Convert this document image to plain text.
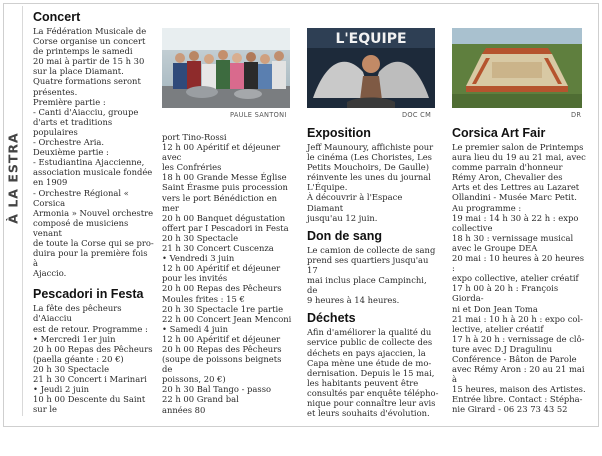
À LA ESTRA
Concert

La Fédération Musicale de

Corse organise un concert

de printemps le samedi

20 mai à partir de 15 h 30

sur la place Diamant.

Quatre formations seront

présentes.

Première partie :

- Canti d'Aiacciu, groupe

d'arts et traditions populaires

- Orchestre Aria.

Deuxième partie :

- Estudiantina Ajaccienne,

association musicale fondée

en 1909

- Orchestre Régional « Corsica

Armonia » Nouvel orchestre

composé de musiciens venant

de toute la Corse qui se pro-

duira pour la première fois à

Ajaccio.

Pescadori in Festa

La fête des pêcheurs d'Aiacciu

est de retour. Programme :

• Mercredi 1er juin

20 h 00 Repas des Pêcheurs

(paella géante : 20 €)

20 h 30 Spectacle

21 h 30 Concert i Marinari

• Jeudi 2 juin

10 h 00 Descente du Saint sur le

PAULE SANTONI

port Tino-Rossi

12 h 00 Apéritif et déjeuner avec

les Confréries

18 h 00 Grande Messe Église

Saint Érasme puis procession

vers le port Bénédiction en mer

20 h 00 Banquet dégustation

offert par I Pescadori in Festa

20 h 30 Spectacle

21 h 30 Concert Cuscenza

• Vendredi 3 juin

12 h 00 Apéritif et déjeuner

pour les invités

20 h 00 Repas des Pêcheurs

Moules frites : 15 €

20 h 30 Spectacle 1re partie

22 h 00 Concert Jean Menconi

• Samedi 4 juin

12 h 00 Apéritif et déjeuner

20 h 00 Repas des Pêcheurs

(soupe de poissons beignets de

poissons, 20 €)

20 h 30 Bal Tango - passo

22 h 00 Grand bal

années 80

L'EQUIPE
DOC CM
Exposition

Jeff Maunoury, affichiste pour

le cinéma (Les Choristes, Les

Petits Mouchoirs, De Gaulle)

réinvente les unes du journal

L'Équipe.

À découvrir à l'Espace Diamant

jusqu'au 12 juin.

Don de sang

Le camion de collecte de sang

prend ses quartiers jusqu'au 17

mai inclus place Campinchi, de

9 heures à 14 heures.

Déchets

Afin d'améliorer la qualité du

service public de collecte des

déchets en pays ajaccien, la

Capa mène une étude de mo-

dernisation. Depuis le 15 mai,

les habitants peuvent être

consultés par enquête télépho-

nique pour connaître leur avis

et leurs souhaits d'évolution.

DR
Corsica Art Fair

Le premier salon de Printemps

aura lieu du 19 au 21 mai, avec

comme parrain d'honneur

Rémy Aron, Chevalier des

Arts et des Lettres au Lazaret

Ollandini - Musée Marc Petit.

Au programme :

19 mai : 14 h 30 à 22 h : expo

collective

18 h 30 : vernissage musical

avec le Groupe DEA

20 mai : 10 heures à 20 heures :

expo collective, atelier créatif

17 h 00 à 20 h : François Giorda-

ni et Don Jean Toma

21 mai : 10 h à 20 h : expo col-

lective, atelier créatif

17 h à 20 h : vernissage de clô-

ture avec D.J Dragulinu

Conférence - Bâton de Parole

avec Rémy Aron : 20 au 21 mai à

15 heures, maison des Artistes.

Entrée libre. Contact : Stépha-

nie Girard - 06 23 73 43 52
